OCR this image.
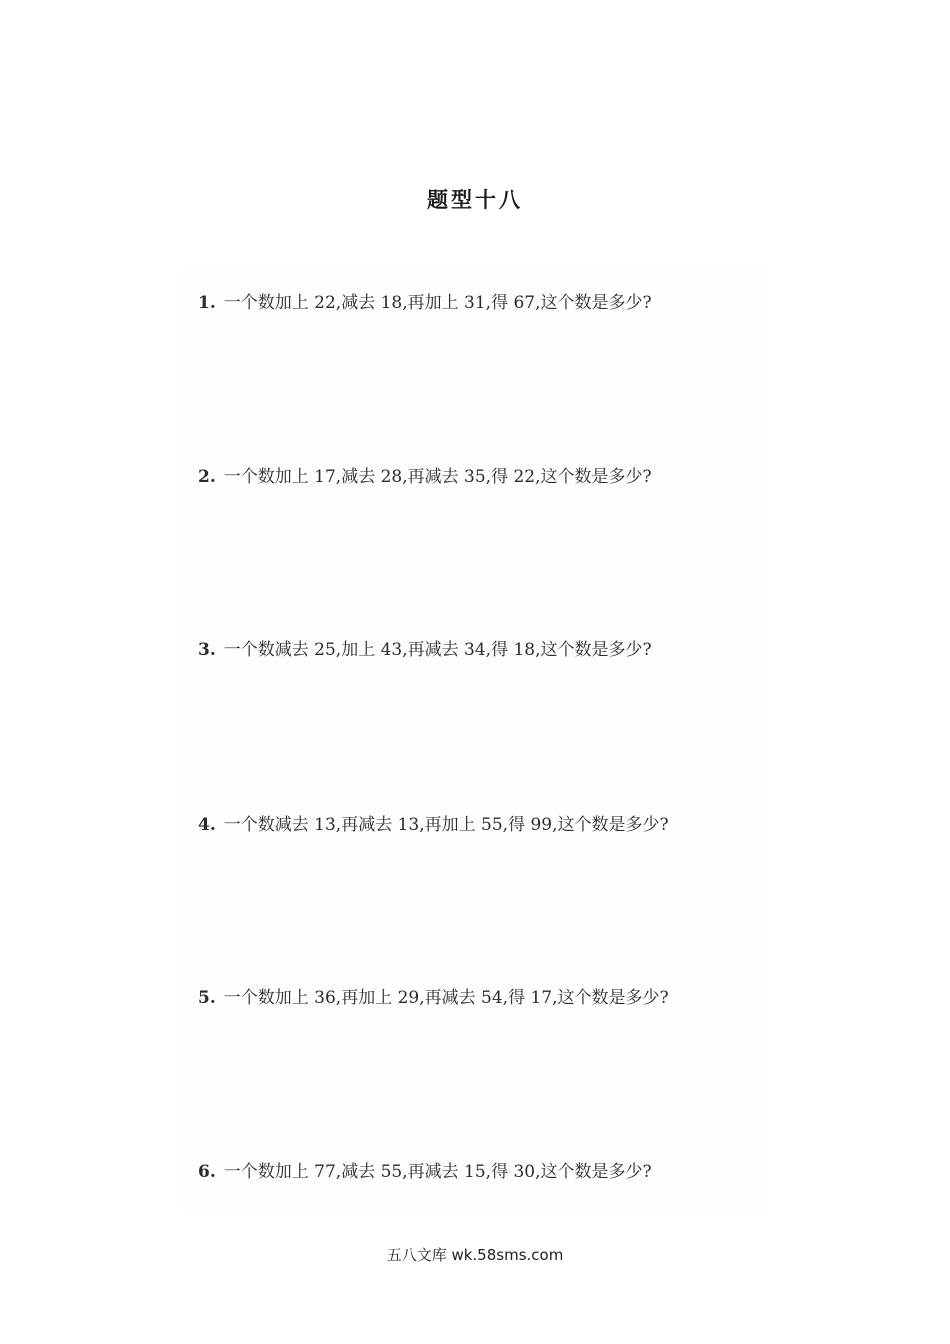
题型十八
1. 一个数加上 22,减去 18,再加上 31,得 67,这个数是多少?
2. 一个数加上 17,减去 28,再减去 35,得 22,这个数是多少?
3. 一个数减去 25,加上 43,再减去 34,得 18,这个数是多少?
4. 一个数减去 13,再减去 13,再加上 55,得 99,这个数是多少?
5. 一个数加上 36,再加上 29,再减去 54,得 17,这个数是多少?
6. 一个数加上 77,减去 55,再减去 15,得 30,这个数是多少?
五八文库 wk.58sms.com
